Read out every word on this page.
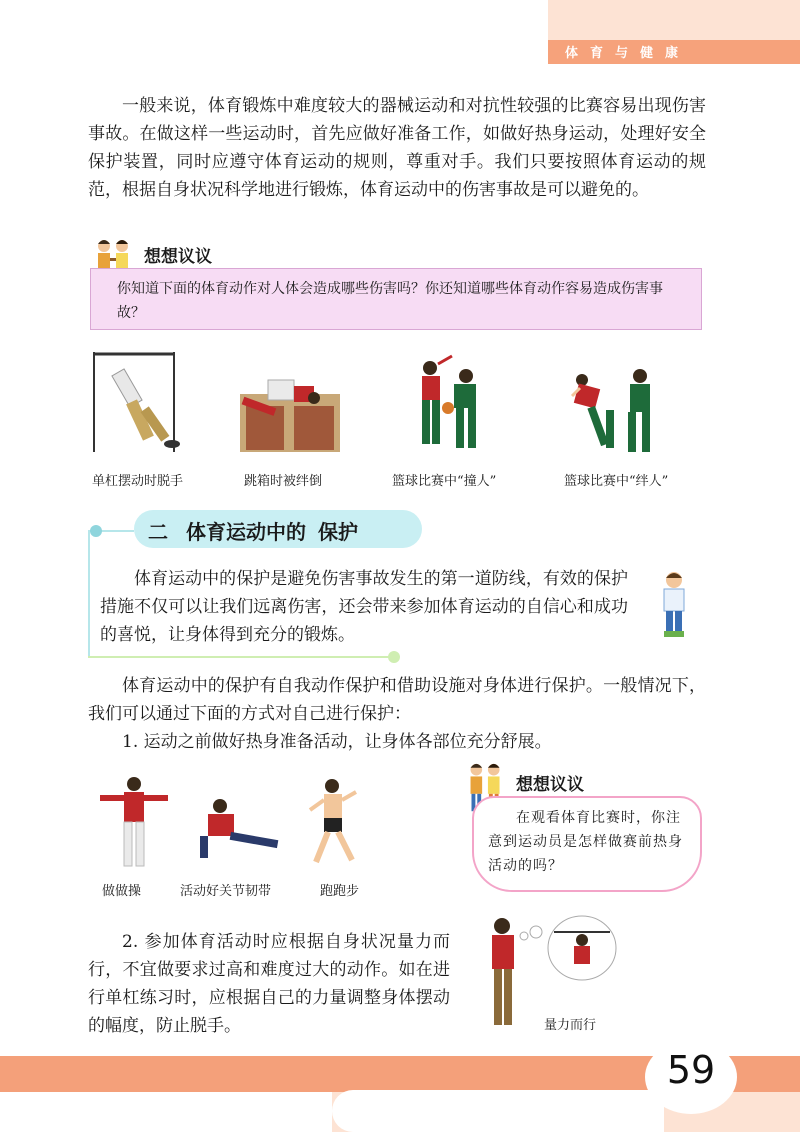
体育与健康

一般来说，体育锻炼中难度较大的器械运动和对抗性较强的比赛容易出现伤害事故。在做这样一些运动时，首先应做好准备工作，如做好热身运动，处理好安全保护装置，同时应遵守体育运动的规则，尊重对手。我们只要按照体育运动的规范，根据自身状况科学地进行锻炼，体育运动中的伤害事故是可以避免的。

想想议议

你知道下面的体育动作对人体会造成哪些伤害吗？你还知道哪些体育动作容易造成伤害事故？

单杠摆动时脱手	跳箱时被绊倒	篮球比赛中“撞人”	篮球比赛中“绊人”
二 体育运动中的 保护

体育运动中的保护是避免伤害事故发生的第一道防线，有效的保护措施不仅可以让我们远离伤害，还会带来参加体育运动的自信心和成功的喜悦，让身体得到充分的锻炼。

体育运动中的保护有自我动作保护和借助设施对身体进行保护。一般情况下，我们可以通过下面的方式对自己进行保护：

1. 运动之前做好热身准备活动，让身体各部位充分舒展。

做做操	活动好关节韧带	跑跑步
想想议议

在观看体育比赛时，你注意到运动员是怎样做赛前热身活动的吗？

2. 参加体育活动时应根据自身状况量力而行，不宜做要求过高和难度过大的动作。如在进行单杠练习时，应根据自己的力量调整身体摆动的幅度，防止脱手。	量力而行
59
